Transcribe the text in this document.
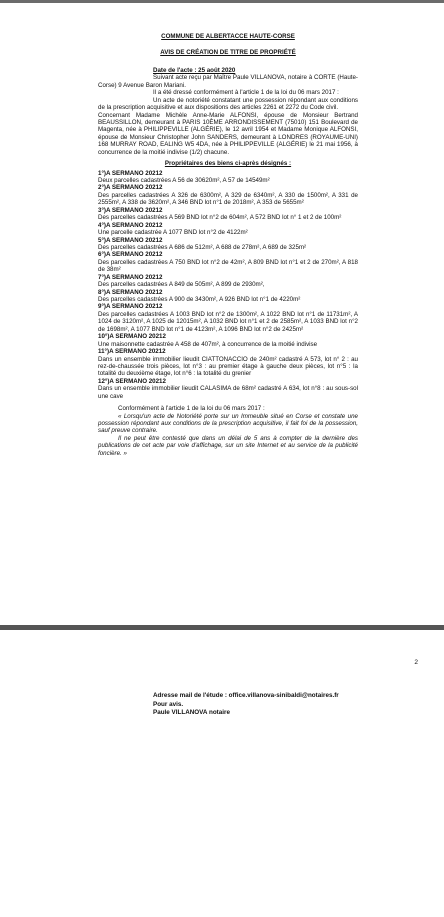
COMMUNE DE ALBERTACCE HAUTE-CORSE
AVIS DE CRÉATION DE TITRE DE PROPRIÉTÉ

Date de l'acte : 25 août 2020

Suivant acte reçu par Maître Paule VILLANOVA, notaire à CORTE (Haute-Corse) 9 Avenue Baron Mariani.

Il a été dressé conformément à l'article 1 de la loi du 06 mars 2017 :

Un acte de notoriété constatant une possession répondant aux conditions de la prescription acquisitive et aux dispositions des articles 2261 et 2272 du Code civil.

Concernant Madame Michèle Anne-Marie ALFONSI, épouse de Monsieur Bertrand BEAUSSILLON, demeurant à PARIS 10ÈME ARRONDISSEMENT (75010) 151 Boulevard de Magenta, née à PHILIPPEVILLE (ALGÉRIE), le 12 avril 1954 et Madame Monique ALFONSI, épouse de Monsieur Christopher John SANDERS, demeurant à LONDRES (ROYAUME-UNI) 168 MURRAY ROAD, EALING W5 4DA, née à PHILIPPEVILLE (ALGÉRIE) le 21 mai 1956, à concurrence de la moitié indivise (1/2) chacune.

Propriétaires des biens ci-après désignés :
1°)A SERMANO 20212
Deux parcelles cadastrées A 56 de 30620m², A 57 de 14549m²
2°)A SERMANO 20212
Des parcelles cadastrées A 326 de 6300m², A 329 de 6340m², A 330 de 1500m², A 331 de 2555m², A 338 de 3620m², A 346 BND lot n°1 de 2018m², A 353 de 5655m²
3°)A SERMANO 20212
Des parcelles cadastrées A 569 BND lot n°2 de 604m², A 572 BND lot n° 1 et 2 de 100m²
4°)A SERMANO 20212
Une parcelle cadastrée A 1077 BND lot n°2 de 4122m²
5°)A SERMANO 20212
Des parcelles cadastrées A 686 de 512m², A 688 de 278m², A 689 de 325m²
6°)A SERMANO 20212
Des parcelles cadastrées A 750 BND lot n°2 de 42m², A 809 BND lot n°1 et 2 de 270m², A 818 de 38m²
7°)A SERMANO 20212
Des parcelles cadastrées A 849 de 505m², A 899 de 2930m²,
8°)A SERMANO 20212
Des parcelles cadastrées A 900 de 3430m², A 926 BND lot n°1 de 4220m²
9°)A SERMANO 20212
Des parcelles cadastrées A 1003 BND lot n°2 de 1300m², A 1022 BND lot n°1 de 11731m², A 1024 de 3120m², A 1025 de 12015m², A 1032 BND lot n°1 et 2 de 2585m², A 1033 BND lot n°2 de 1698m², A 1077 BND lot n°1 de 4123m², A 1096 BND lot n°2 de 2425m²
10°)A SERMANO 20212
Une maisonnette cadastrée A 458 de 407m², à concurrence de la moitié indivise
11°)A SERMANO 20212
Dans un ensemble immobilier lieudit CIATTONACCIO de 240m² cadastré A 573, lot n° 2 : au rez-de-chaussée trois pièces, lot n°3 : au premier étage à gauche deux pièces, lot n°5 : la totalité du deuxième étage, lot n°6 : la totalité du grenier
12°)A SERMANO 20212
Dans un ensemble immobilier lieudit CALASIMA de 68m² cadastré A 634, lot n°8 : au sous-sol une cave

Conformément à l'article 1 de la loi du 06 mars 2017 :

« Lorsqu'un acte de Notoriété porte sur un Immeuble situé en Corse et constate une possession répondant aux conditions de la prescription acquisitive, il fait foi de la possession, sauf preuve contraire.

Il ne peut être contesté que dans un délai de 5 ans à compter de la dernière des publications de cet acte par voie d'affichage, sur un site Internet et au service de la publicité foncière. »

2
Adresse mail de l'étude : office.villanova-sinibaldi@notaires.fr
Pour avis.
Paule VILLANOVA notaire
